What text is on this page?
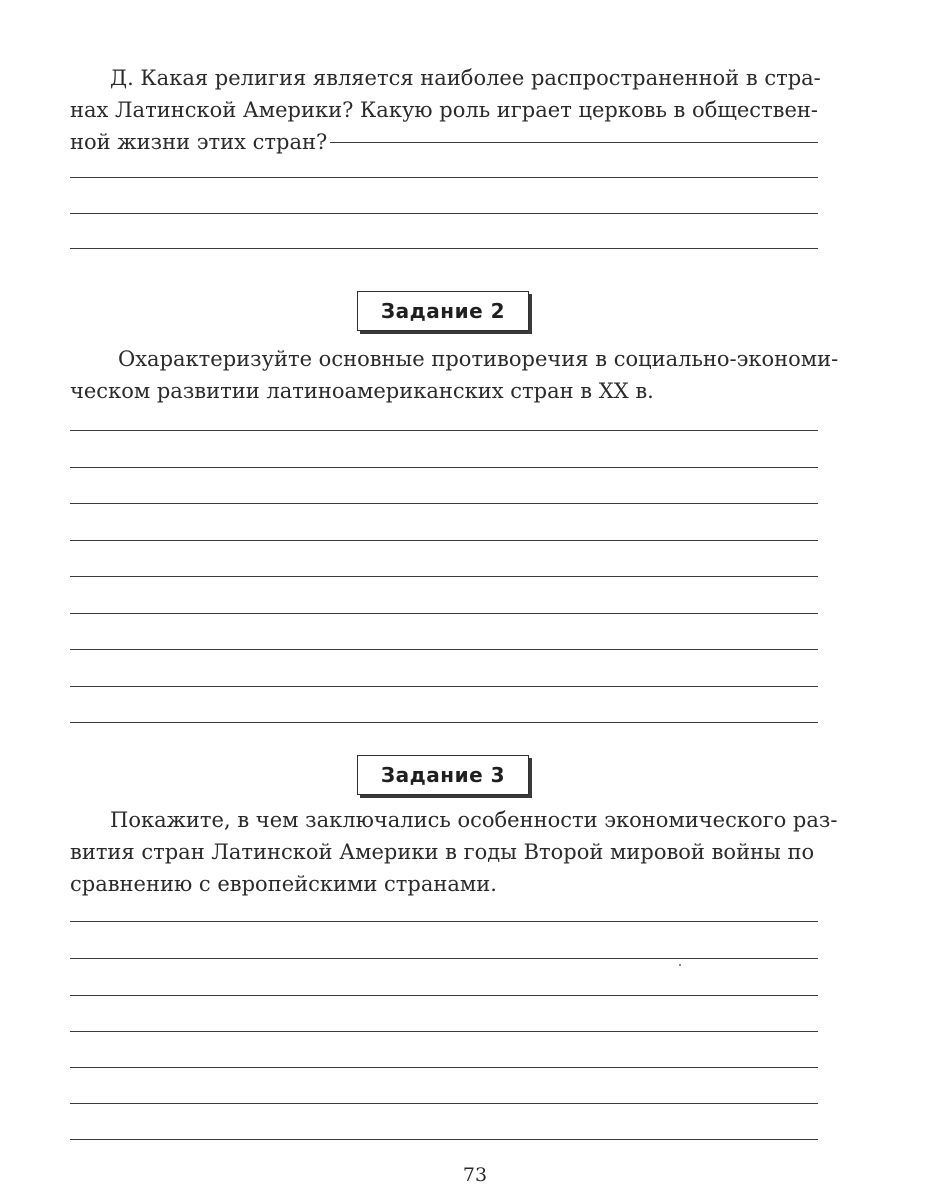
Д. Какая религия является наиболее распространенной в стра-
нах Латинской Америки? Какую роль играет церковь в обществен-
ной жизни этих стран?
Задание 2
Охарактеризуйте основные противоречия в социально-экономи-
ческом развитии латиноамериканских стран в XX в.
Задание 3
Покажите, в чем заключались особенности экономического раз-
вития стран Латинской Америки в годы Второй мировой войны по
сравнению с европейскими странами.
73
